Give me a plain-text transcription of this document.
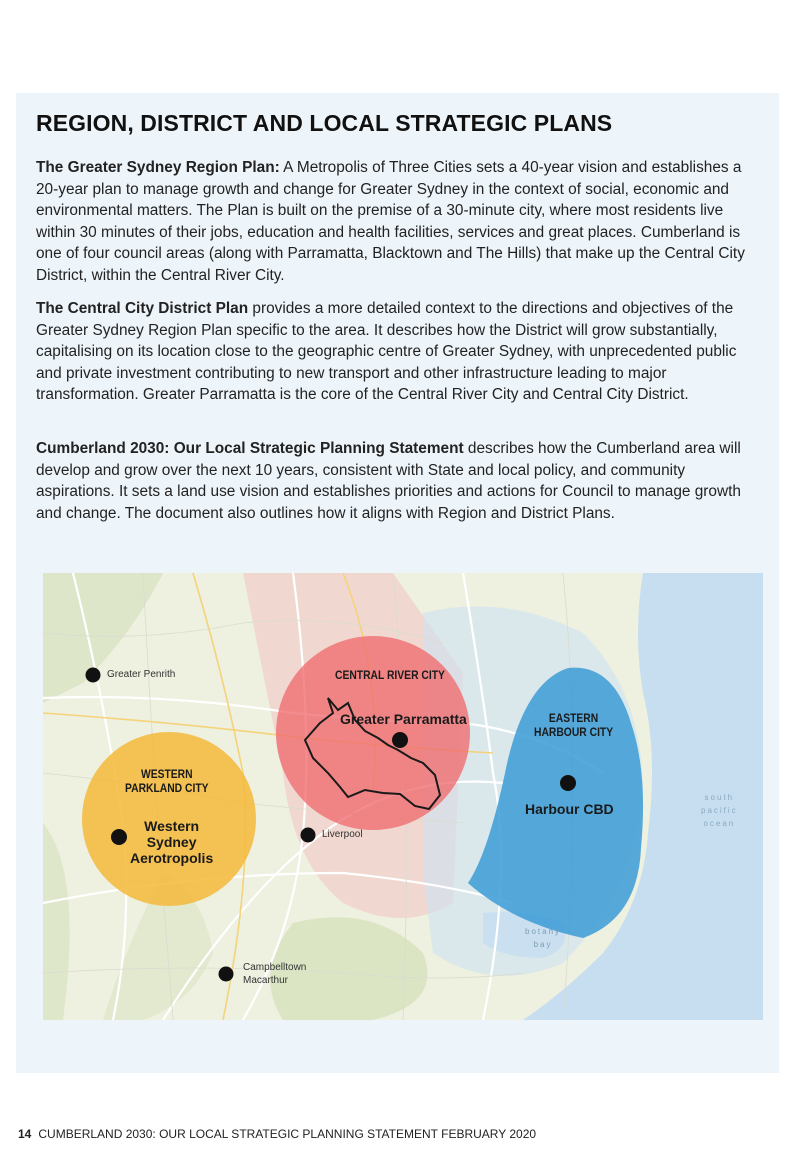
REGION, DISTRICT AND LOCAL STRATEGIC PLANS

The Greater Sydney Region Plan: A Metropolis of Three Cities sets a 40-year vision and establishes a 20-year plan to manage growth and change for Greater Sydney in the context of social, economic and environmental matters. The Plan is built on the premise of a 30-minute city, where most residents live within 30 minutes of their jobs, education and health facilities, services and great places. Cumberland is one of four council areas (along with Parramatta, Blacktown and The Hills) that make up the Central City District, within the Central River City.

The Central City District Plan provides a more detailed context to the directions and objectives of the Greater Sydney Region Plan specific to the area. It describes how the District will grow substantially, capitalising on its location close to the geographic centre of Greater Sydney, with unprecedented public and private investment contributing to new transport and other infrastructure leading to major transformation. Greater Parramatta is the core of the Central River City and Central City District.

Cumberland 2030: Our Local Strategic Planning Statement describes how the Cumberland area will develop and grow over the next 10 years, consistent with State and local policy, and community aspirations. It sets a land use vision and establishes priorities and actions for Council to manage growth and change. The document also outlines how it aligns with Region and District Plans.

Greater Penrith
Liverpool
Campbelltown
Macarthur
WESTERN
PARKLAND CITY
CENTRAL RIVER CITY
EASTERN
HARBOUR CITY
Western
Sydney
Aerotropolis
Greater Parramatta
Harbour CBD
south
pacific
ocean
botany
bay
14 CUMBERLAND 2030: OUR LOCAL STRATEGIC PLANNING STATEMENT FEBRUARY 2020
